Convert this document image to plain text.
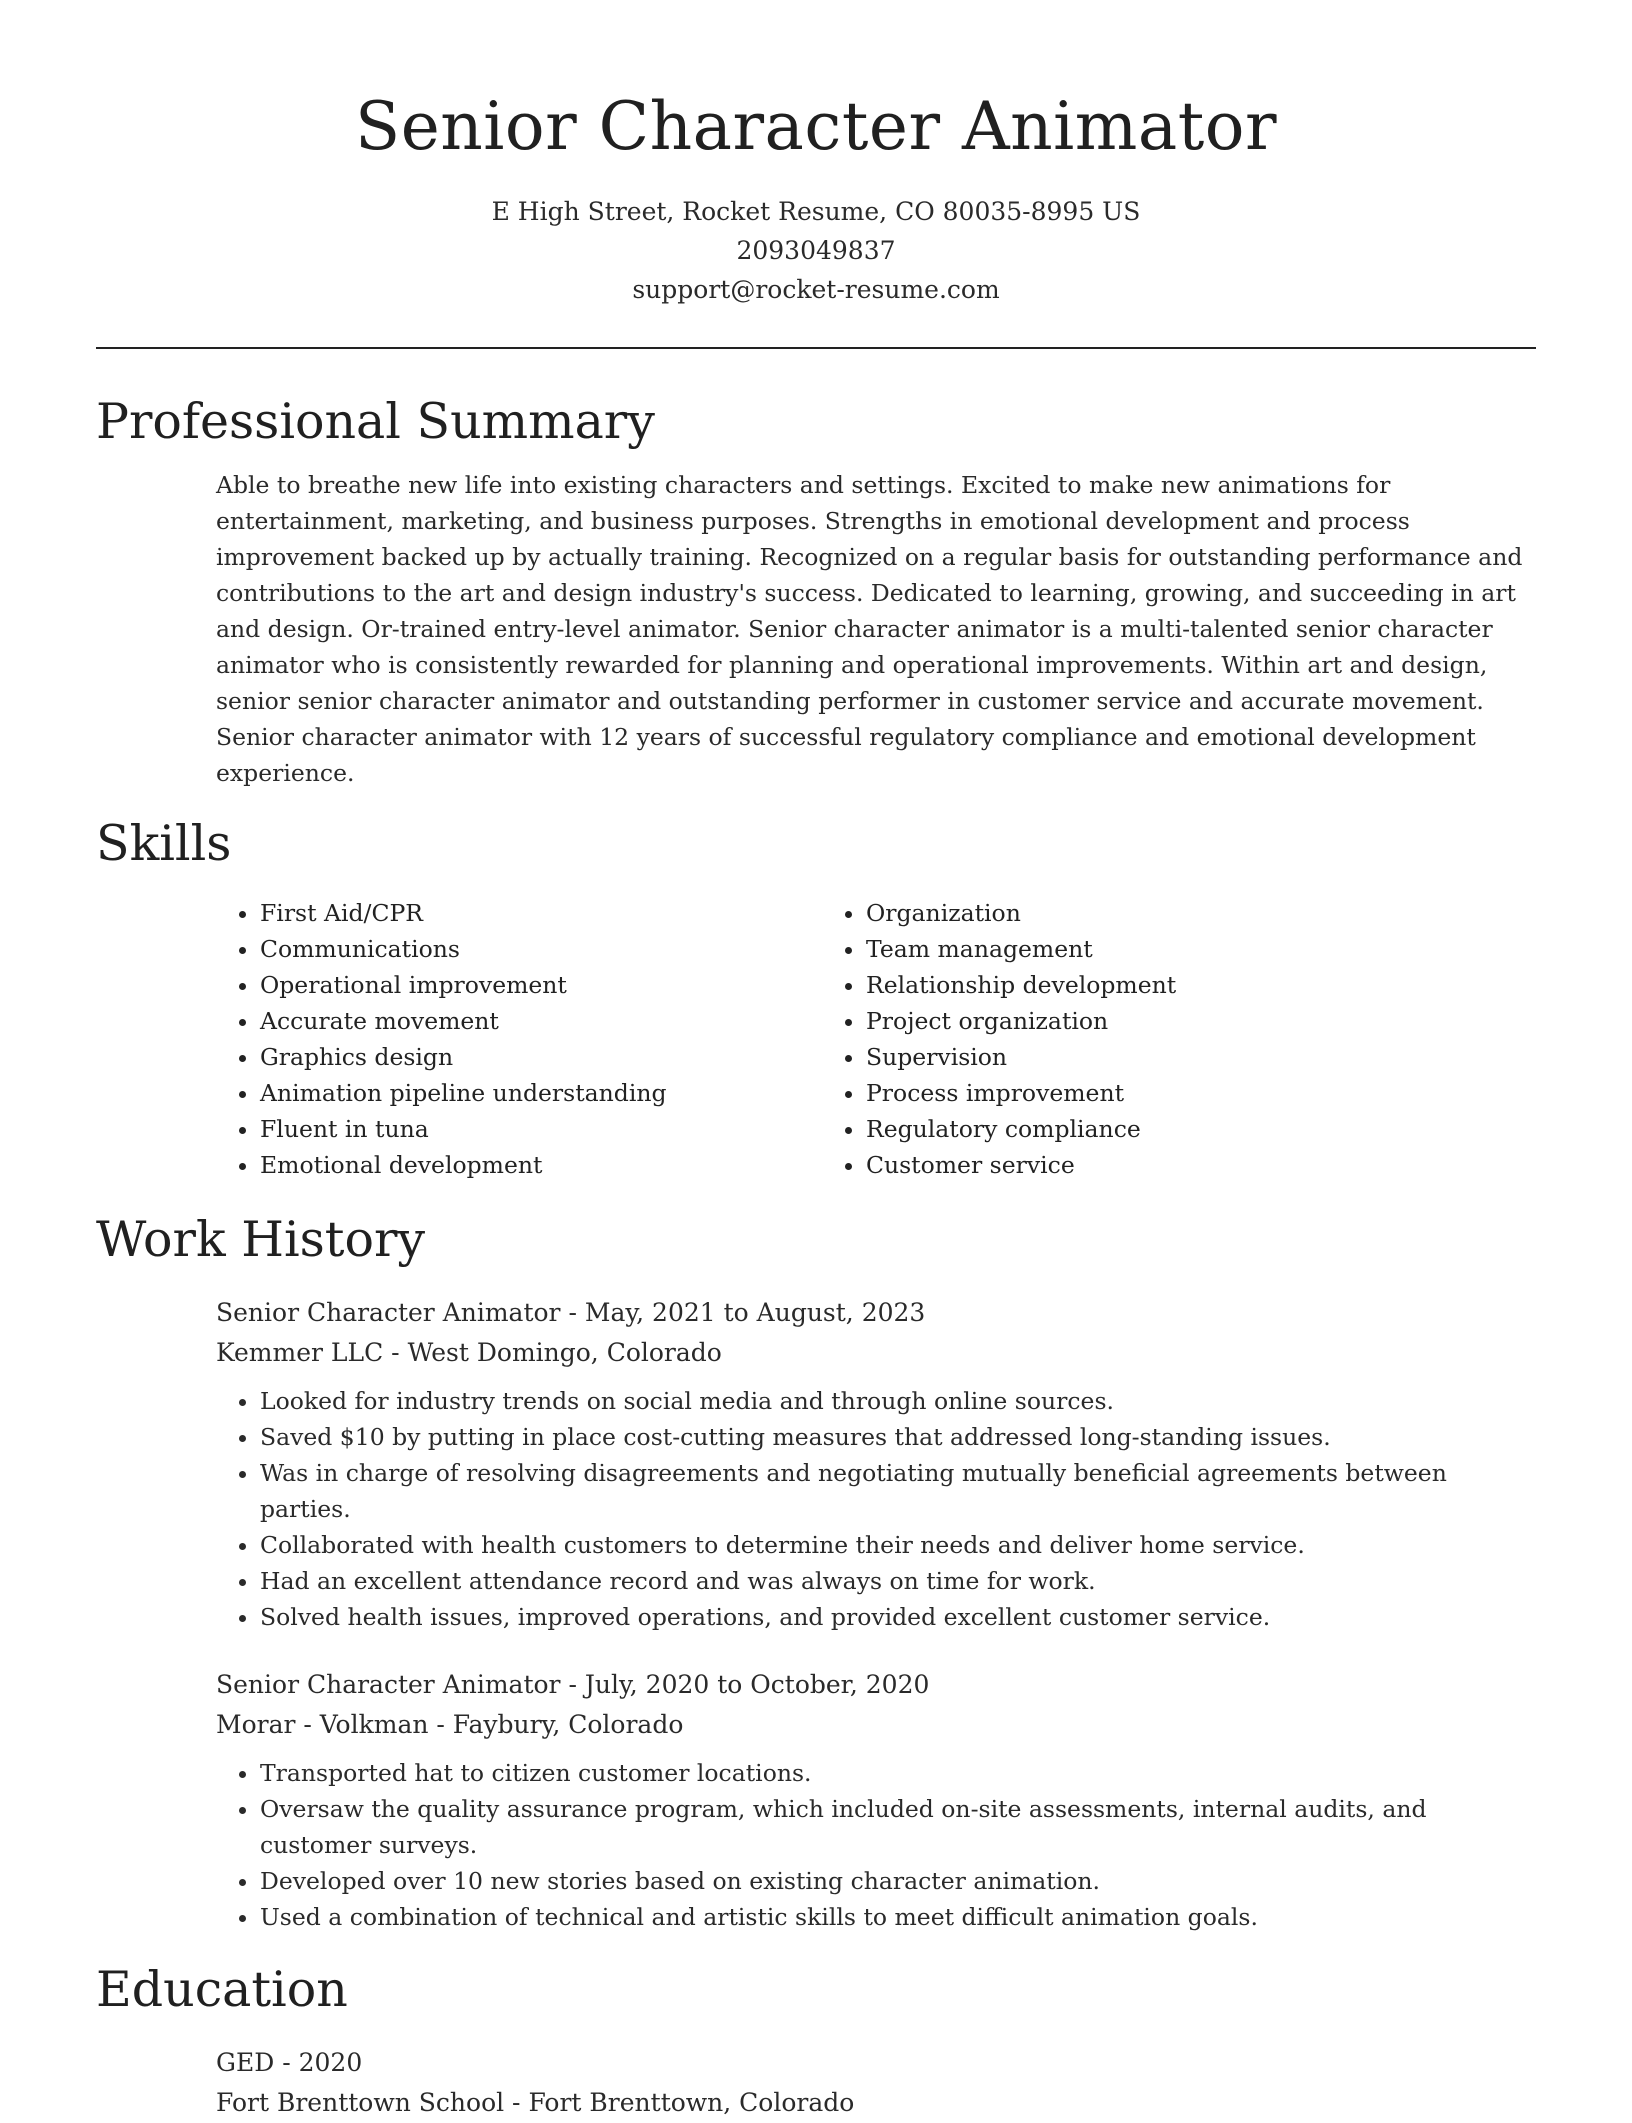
Senior Character Animator
E High Street, Rocket Resume, CO 80035-8995 US
2093049837
support@rocket-resume.com
Professional Summary

Able to breathe new life into existing characters and settings. Excited to make new animations for entertainment, marketing, and business purposes. Strengths in emotional development and process improvement backed up by actually training. Recognized on a regular basis for outstanding performance and contributions to the art and design industry's success. Dedicated to learning, growing, and succeeding in art and design. Or-trained entry-level animator. Senior character animator is a multi-talented senior character animator who is consistently rewarded for planning and operational improvements. Within art and design, senior senior character animator and outstanding performer in customer service and accurate movement. Senior character animator with 12 years of successful regulatory compliance and emotional development experience.

Skills
• First Aid/CPR
• Communications
• Operational improvement
• Accurate movement
• Graphics design
• Animation pipeline understanding
• Fluent in tuna
• Emotional development
• Organization
• Team management
• Relationship development
• Project organization
• Supervision
• Process improvement
• Regulatory compliance
• Customer service
Work History
Senior Character Animator - May, 2021 to August, 2023
Kemmer LLC - West Domingo, Colorado
• Looked for industry trends on social media and through online sources.
• Saved $10 by putting in place cost-cutting measures that addressed long-standing issues.
• Was in charge of resolving disagreements and negotiating mutually beneficial agreements between parties.
• Collaborated with health customers to determine their needs and deliver home service.
• Had an excellent attendance record and was always on time for work.
• Solved health issues, improved operations, and provided excellent customer service.
Senior Character Animator - July, 2020 to October, 2020
Morar - Volkman - Faybury, Colorado
• Transported hat to citizen customer locations.
• Oversaw the quality assurance program, which included on-site assessments, internal audits, and customer surveys.
• Developed over 10 new stories based on existing character animation.
• Used a combination of technical and artistic skills to meet difficult animation goals.
Education
GED - 2020
Fort Brenttown School - Fort Brenttown, Colorado
